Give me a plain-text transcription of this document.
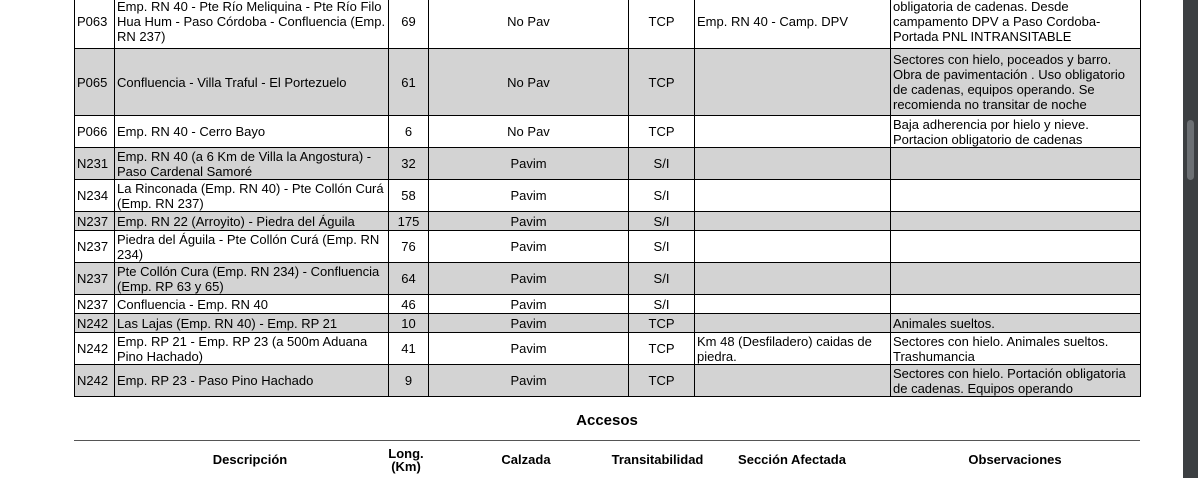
P063	Emp. RN 40 - Pte Río Meliquina - Pte Río Filo Hua Hum - Paso Córdoba - Confluencia (Emp. RN 237)	69	No Pav	TCP	Emp. RN 40 - Camp. DPV	obligatoria de cadenas. Desde campamento DPV a Paso Cordoba-Portada PNL INTRANSITABLE
P065	Confluencia - Villa Traful - El Portezuelo	61	No Pav	TCP		Sectores con hielo, poceados y barro. Obra de pavimentación . Uso obligatorio de cadenas, equipos operando. Se recomienda no transitar de noche
P066	Emp. RN 40 - Cerro Bayo	6	No Pav	TCP		Baja adherencia por hielo y nieve. Portacion obligatorio de cadenas
N231	Emp. RN 40 (a 6 Km de Villa la Angostura) - Paso Cardenal Samoré	32	Pavim	S/I		
N234	La Rinconada (Emp. RN 40) - Pte Collón Curá (Emp. RN 237)	58	Pavim	S/I		
N237	Emp. RN 22 (Arroyito) - Piedra del Águila	175	Pavim	S/I		
N237	Piedra del Águila - Pte Collón Curá (Emp. RN 234)	76	Pavim	S/I		
N237	Pte Collón Cura (Emp. RN 234) - Confluencia (Emp. RP 63 y 65)	64	Pavim	S/I		
N237	Confluencia - Emp. RN 40	46	Pavim	S/I		
N242	Las Lajas (Emp. RN 40) - Emp. RP 21	10	Pavim	TCP		Animales sueltos.
N242	Emp. RP 21 - Emp. RP 23 (a 500m Aduana Pino Hachado)	41	Pavim	TCP	Km 48 (Desfiladero) caidas de piedra.	Sectores con hielo. Animales sueltos. Trashumancia
N242	Emp. RP 23 - Paso Pino Hachado	9	Pavim	TCP		Sectores con hielo. Portación obligatoria de cadenas. Equipos operando
Accesos
Descripción	Long. (Km)	Calzada	Transitabilidad	Sección Afectada	Observaciones
